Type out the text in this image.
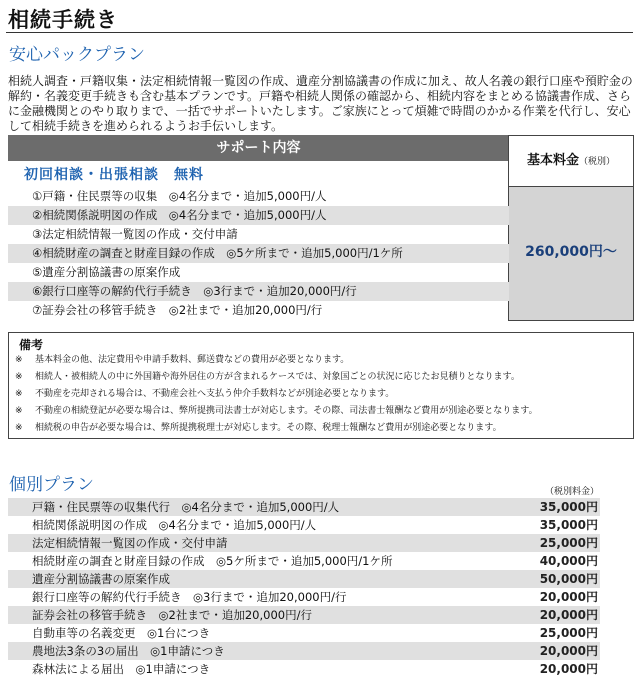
相続手続き
安心パックプラン
相続人調査・戸籍収集・法定相続情報一覧図の作成、遺産分割協議書の作成に加え、故人名義の銀行口座や預貯金の解約・名義変更手続きも含む基本プランです。戸籍や相続人関係の確認から、相続内容をまとめる協議書作成、さらに金融機関とのやり取りまで、一括でサポートいたします。ご家族にとって煩雑で時間のかかる作業を代行し、安心して相続手続きを進められるようお手伝いします。
サポート内容
基本料金（税別）
260,000円～
初回相談・出張相談　無料
①戸籍・住民票等の収集　◎4名分まで・追加5,000円/人
②相続関係説明図の作成　◎4名分まで・追加5,000円/人
③法定相続情報一覧図の作成・交付申請
④相続財産の調査と財産目録の作成　◎5ケ所まで・追加5,000円/1ケ所
⑤遺産分割協議書の原案作成
⑥銀行口座等の解約代行手続き　◎3行まで・追加20,000円/行
⑦証券会社の移管手続き　◎2社まで・追加20,000円/行
備考
※ 基本料金の他、法定費用や申請手数料、郵送費などの費用が必要となります。
※ 相続人・被相続人の中に外国籍や海外居住の方が含まれるケースでは、対象国ごとの状況に応じたお見積りとなります。
※ 不動産を売却される場合は、不動産会社へ支払う仲介手数料などが別途必要となります。
※ 不動産の相続登記が必要な場合は、弊所提携司法書士が対応します。その際、司法書士報酬など費用が別途必要となります。
※ 相続税の申告が必要な場合は、弊所提携税理士が対応します。その際、税理士報酬など費用が別途必要となります。
個別プラン	（税別料金）
戸籍・住民票等の収集代行　◎4名分まで・追加5,000円/人	35,000円
相続関係説明図の作成　◎4名分まで・追加5,000円/人	35,000円
法定相続情報一覧図の作成・交付申請	25,000円
相続財産の調査と財産目録の作成　◎5ケ所まで・追加5,000円/1ケ所	40,000円
遺産分割協議書の原案作成	50,000円
銀行口座等の解約代行手続き　◎3行まで・追加20,000円/行	20,000円
証券会社の移管手続き　◎2社まで・追加20,000円/行	20,000円
自動車等の名義変更　◎1台につき	25,000円
農地法3条の3の届出　◎1申請につき	20,000円
森林法による届出　◎1申請につき	20,000円
